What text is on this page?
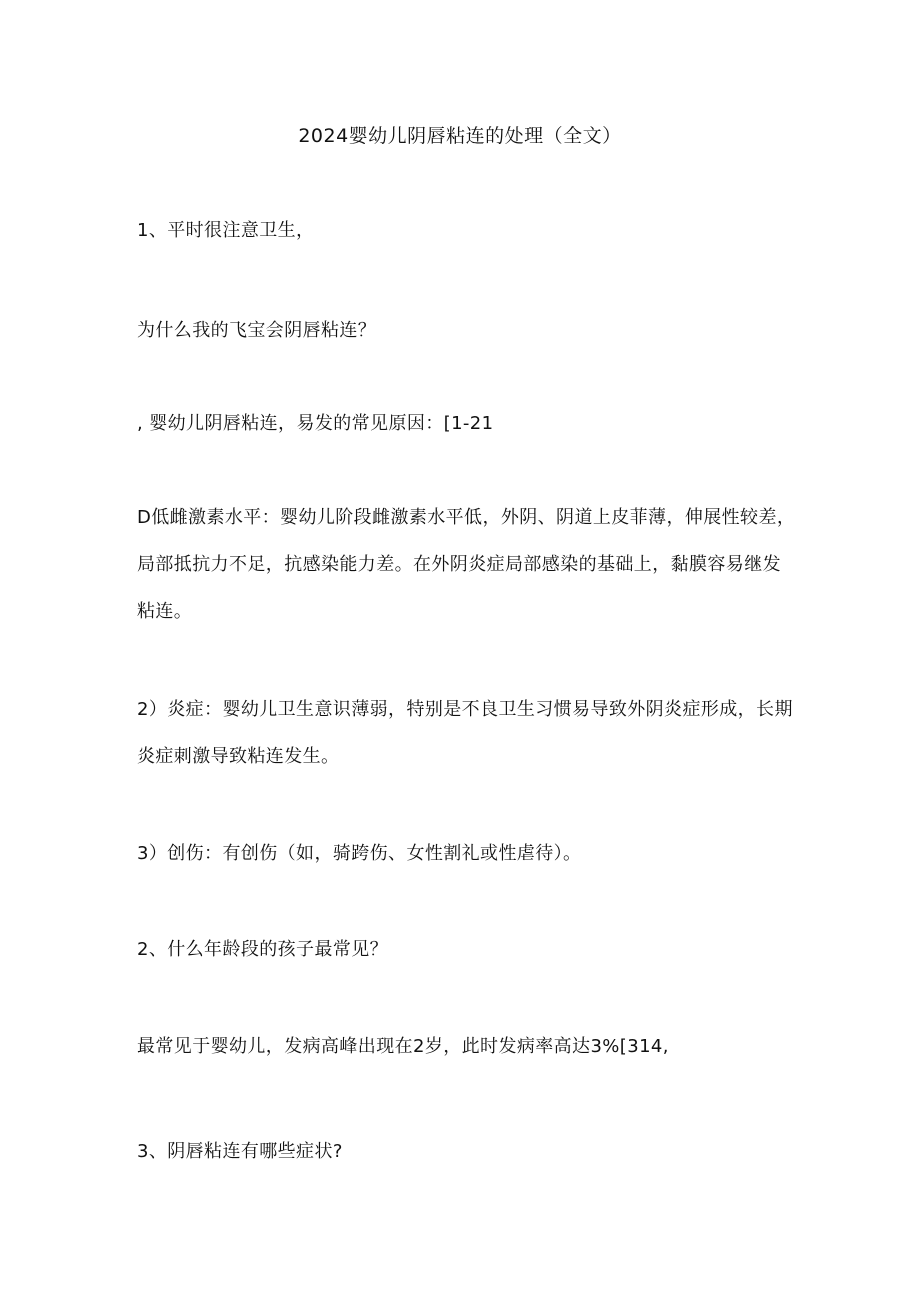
2024婴幼儿阴唇粘连的处理（全文）

1、平时很注意卫生，

为什么我的飞宝会阴唇粘连？

, 婴幼儿阴唇粘连，易发的常见原因：[1-21

D低雌激素水平：婴幼儿阶段雌激素水平低，外阴、阴道上皮菲薄，伸展性较差，局部抵抗力不足，抗感染能力差。在外阴炎症局部感染的基础上，黏膜容易继发粘连。

2）炎症：婴幼儿卫生意识薄弱，特别是不良卫生习惯易导致外阴炎症形成，长期炎症刺激导致粘连发生。

3）创伤：有创伤（如，骑跨伤、女性割礼或性虐待）。

2、什么年龄段的孩子最常见？

最常见于婴幼儿，发病高峰出现在2岁，此时发病率高达3%[314,

3、阴唇粘连有哪些症状?
